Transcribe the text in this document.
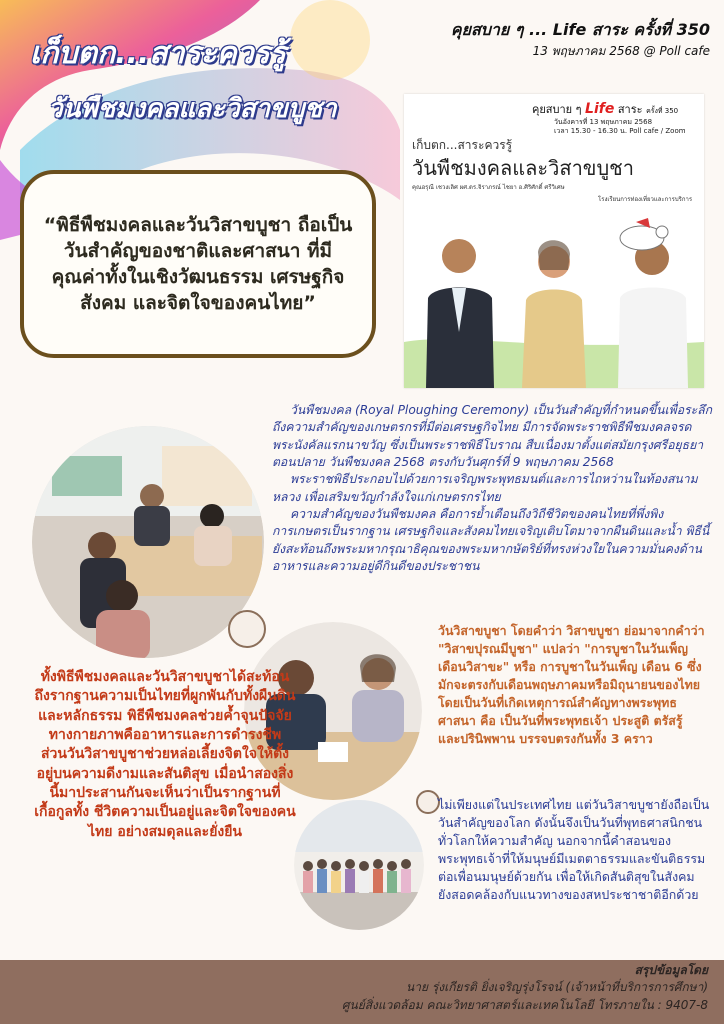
เก็บตก...สาระควรรู้
วันพืชมงคลและวิสาขบูชา
คุยสบาย ๆ ... Life สาระ ครั้งที่ 350
13 พฤษภาคม 2568 @ Poll cafe
“พิธีพืชมงคลและวันวิสาขบูชา ถือเป็น วันสำคัญของชาติและศาสนา ที่มีคุณค่าทั้งในเชิงวัฒนธรรม เศรษฐกิจ สังคม และจิตใจของคนไทย”
คุยสบาย ๆ Life สาระ ครั้งที่ 350
วันอังคารที่ 13 พฤษภาคม 2568
เวลา 15.30 - 16.30 น. Poll cafe / Zoom
เก็บตก...สาระควรรู้
วันพืชมงคลและวิสาขบูชา
คุณอรุณี เชวงเลิศ ผศ.ดร.จิราภรณ์ ไชยา อ.ศิริศักดิ์ ศรีวิเศษ
โรงเรียนการท่องเที่ยวและการบริการ

วันพืชมงคล (Royal Ploughing Ceremony) เป็นวันสำคัญที่กำหนดขึ้นเพื่อระลึกถึงความสำคัญของเกษตรกรที่มีต่อเศรษฐกิจไทย มีการจัดพระราชพิธีพืชมงคลจรดพระนังคัลแรกนาขวัญ ซึ่งเป็นพระราชพิธีโบราณ สืบเนื่องมาตั้งแต่สมัยกรุงศรีอยุธยาตอนปลาย วันพืชมงคล 2568 ตรงกับวันศุกร์ที่ 9 พฤษภาคม 2568

พระราชพิธีประกอบไปด้วยการเจริญพระพุทธมนต์และการไถหว่านในท้องสนามหลวง เพื่อเสริมขวัญกำลังใจแก่เกษตรกรไทย

ความสำคัญของวันพืชมงคล คือการย้ำเตือนถึงวิถีชีวิตของคนไทยที่พึ่งพิงการเกษตรเป็นรากฐาน เศรษฐกิจและสังคมไทยเจริญเติบโตมาจากผืนดินและน้ำ พิธีนี้ยังสะท้อนถึงพระมหากรุณาธิคุณของพระมหากษัตริย์ที่ทรงห่วงใยในความมั่นคงด้านอาหารและความอยู่ดีกินดีของประชาชน

วันวิสาขบูชา โดยคำว่า วิสาขบูชา ย่อมาจากคำว่า "วิสาขปุรณมีบูชา" แปลว่า "การบูชาในวันเพ็ญเดือนวิสาขะ" หรือ การบูชาในวันเพ็ญ เดือน 6 ซึ่งมักจะตรงกับเดือนพฤษภาคมหรือมิถุนายนของไทย โดยเป็นวันที่เกิดเหตุการณ์สำคัญทางพระพุทธศาสนา คือ เป็นวันที่พระพุทธเจ้า ประสูติ ตรัสรู้ และปรินิพพาน บรรจบตรงกันทั้ง 3 คราว
ไม่เพียงแต่ในประเทศไทย แต่วันวิสาขบูชายังถือเป็นวันสำคัญของโลก ดังนั้นจึงเป็นวันที่พุทธศาสนิกชนทั่วโลกให้ความสำคัญ นอกจากนี้คำสอนของพระพุทธเจ้าที่ให้มนุษย์มีเมตตาธรรมและขันติธรรมต่อเพื่อนมนุษย์ด้วยกัน เพื่อให้เกิดสันติสุขในสังคม ยังสอดคล้องกับแนวทางของสหประชาชาติอีกด้วย
ทั้งพิธีพืชมงคลและวันวิสาขบูชาได้สะท้อนถึงรากฐานความเป็นไทยที่ผูกพันกับทั้งผืนดินและหลักธรรม พิธีพืชมงคลช่วยค้ำจุนปัจจัยทางกายภาพคืออาหารและการดำรงชีพ ส่วนวันวิสาขบูชาช่วยหล่อเลี้ยงจิตใจให้ตั้งอยู่บนความดีงามและสันติสุข เมื่อนำสองสิ่งนี้มาประสานกันจะเห็นว่าเป็นรากฐานที่เกื้อกูลทั้ง ชีวิตความเป็นอยู่และจิตใจของคนไทย อย่างสมดุลและยั่งยืน
สรุปข้อมูลโดย
นาย รุ่งเกียรติ ยิ่งเจริญรุ่งโรจน์ (เจ้าหน้าที่บริการการศึกษา)
ศูนย์สิ่งแวดล้อม คณะวิทยาศาสตร์และเทคโนโลยี โทรภายใน : 9407-8
